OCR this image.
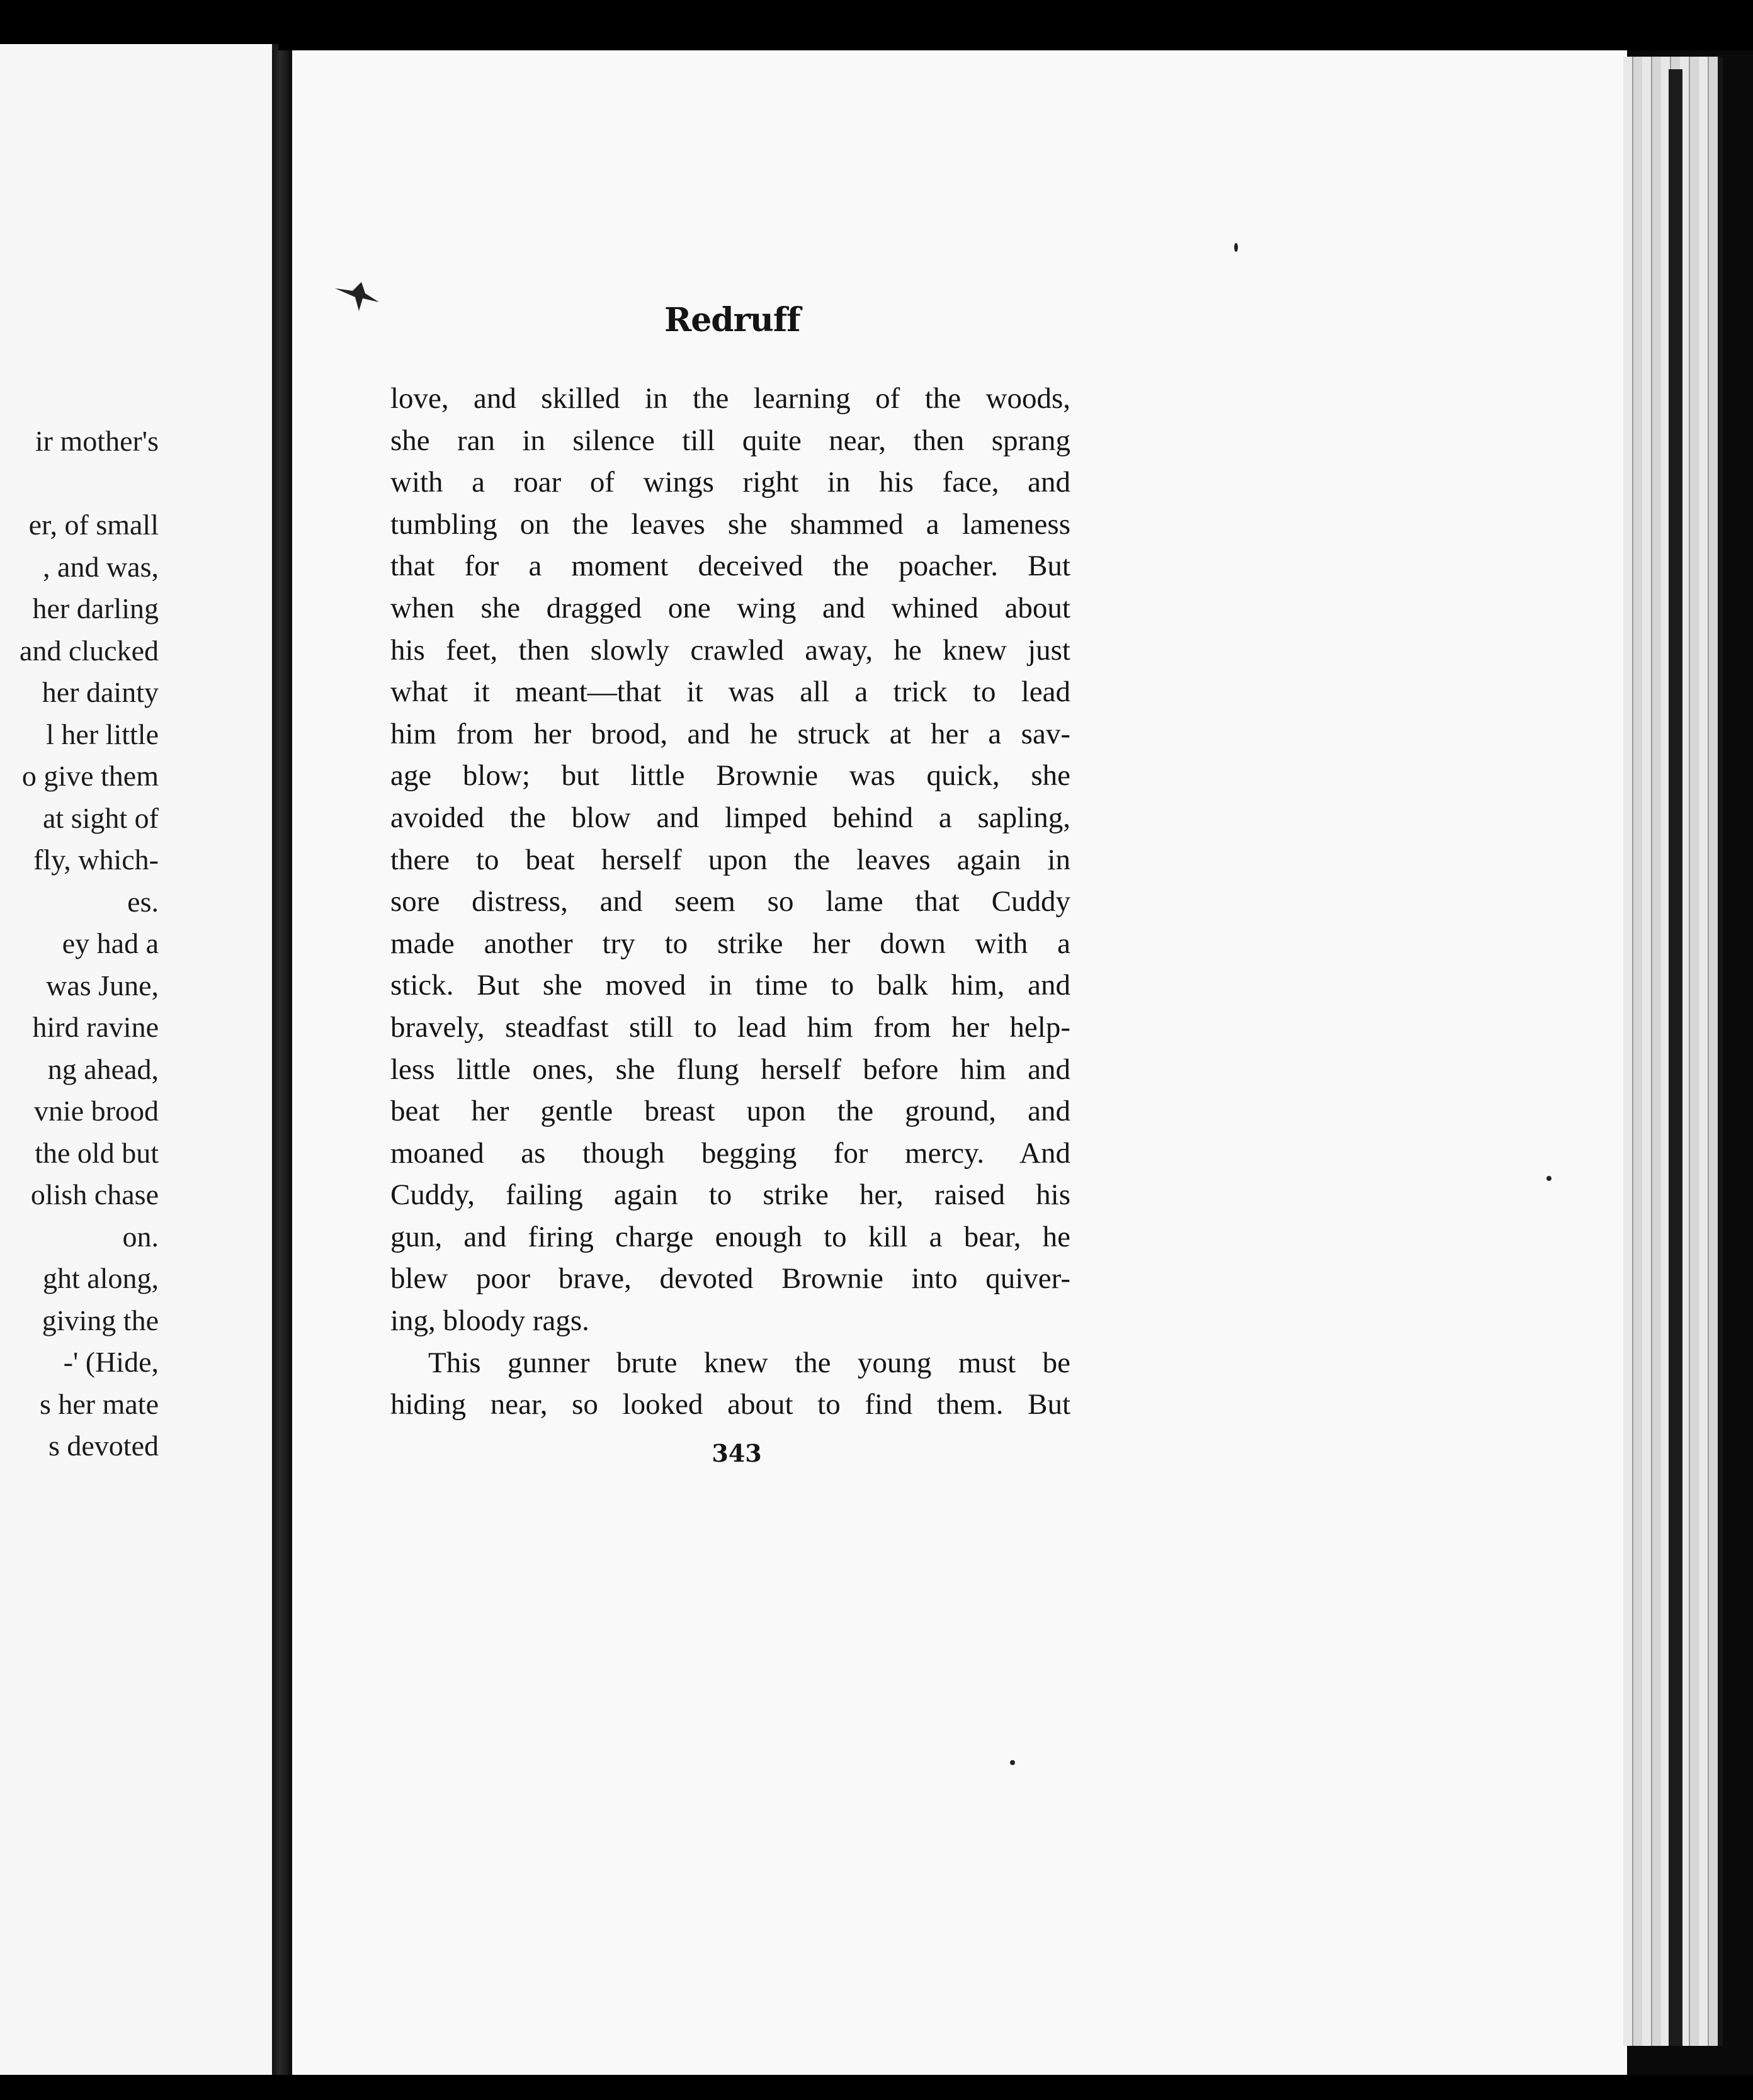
ir mother's
er, of small
, and was,
her darling
and clucked
her dainty
l her little
o give them
at sight of
fly, which-
es.
ey had a
was June,
hird ravine
ng ahead,
vnie brood
the old but
olish chase
on.
ght along,
giving the
-' (Hide,
s her mate
s devoted
Redruff
love, and skilled in the learning of the woods,
she ran in silence till quite near, then sprang
with a roar of wings right in his face, and
tumbling on the leaves she shammed a lameness
that for a moment deceived the poacher. But
when she dragged one wing and whined about
his feet, then slowly crawled away, he knew just
what it meant—that it was all a trick to lead
him from her brood, and he struck at her a sav-
age blow; but little Brownie was quick, she
avoided the blow and limped behind a sapling,
there to beat herself upon the leaves again in
sore distress, and seem so lame that Cuddy
made another try to strike her down with a
stick. But she moved in time to balk him, and
bravely, steadfast still to lead him from her help-
less little ones, she flung herself before him and
beat her gentle breast upon the ground, and
moaned as though begging for mercy. And
Cuddy, failing again to strike her, raised his
gun, and firing charge enough to kill a bear, he
blew poor brave, devoted Brownie into quiver-
ing, bloody rags.
This gunner brute knew the young must be
hiding near, so looked about to find them. But
343
